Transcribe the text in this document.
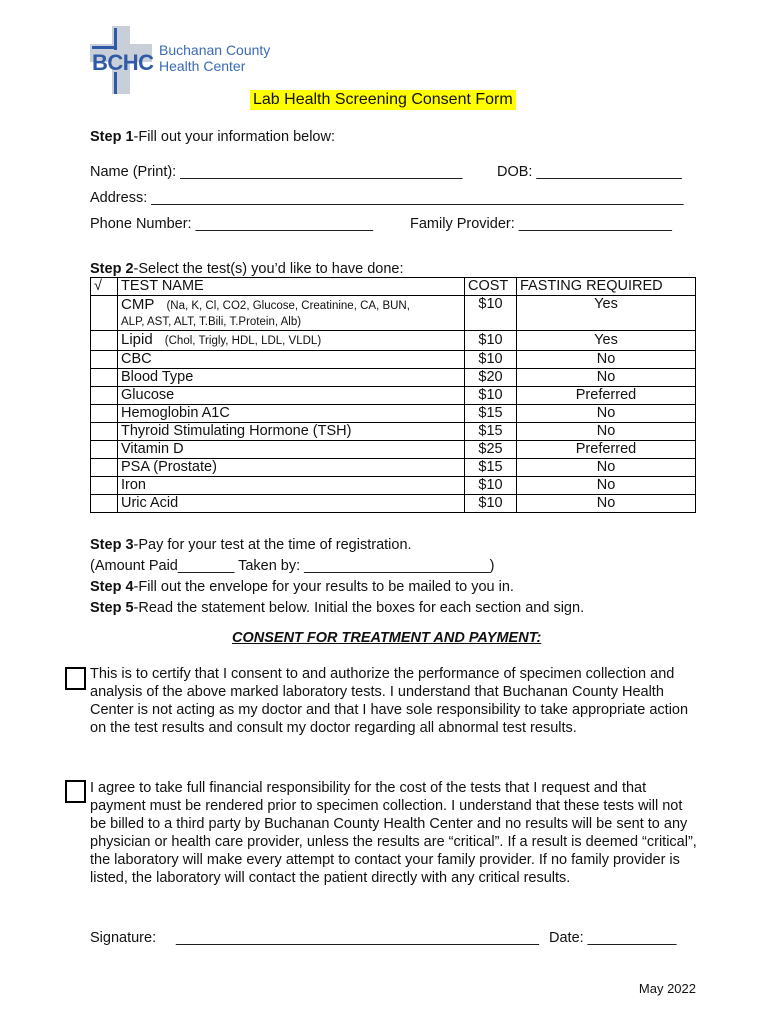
BCHC Buchanan County
Health Center
Lab Health Screening Consent Form
Step 1-Fill out your information below:
Name (Print): ___________________________________ DOB: __________________
Address: __________________________________________________________________
Phone Number: ______________________	Family Provider: ___________________
Step 2-Select the test(s) you’d like to have done:
√	TEST NAME	COST	FASTING REQUIRED
	CMP (Na, K, Cl, CO2, Glucose, Creatinine, CA, BUN,
ALP, AST, ALT, T.Bili, T.Protein, Alb)	$10	Yes
	Lipid (Chol, Trigly, HDL, LDL, VLDL)	$10	Yes
	CBC	$10	No
	Blood Type	$20	No
	Glucose	$10	Preferred
	Hemoglobin A1C	$15	No
	Thyroid Stimulating Hormone (TSH)	$15	No
	Vitamin D	$25	Preferred
	PSA (Prostate)	$15	No
	Iron	$10	No
	Uric Acid	$10	No
Step 3-Pay for your test at the time of registration.
(Amount Paid_______ Taken by: _______________________)
Step 4-Fill out the envelope for your results to be mailed to you in.
Step 5-Read the statement below. Initial the boxes for each section and sign.
CONSENT FOR TREATMENT AND PAYMENT:
This is to certify that I consent to and authorize the performance of specimen collection and analysis of the above marked laboratory tests. I understand that Buchanan County Health Center is not acting as my doctor and that I have sole responsibility to take appropriate action on the test results and consult my doctor regarding all abnormal test results.
I agree to take full financial responsibility for the cost of the tests that I request and that payment must be rendered prior to specimen collection. I understand that these tests will not be billed to a third party by Buchanan County Health Center and no results will be sent to any physician or health care provider, unless the results are “critical”. If a result is deemed “critical”, the laboratory will make every attempt to contact your family provider. If no family provider is listed, the laboratory will contact the patient directly with any critical results.
Signature: _____________________________________________ Date: ___________
May 2022
